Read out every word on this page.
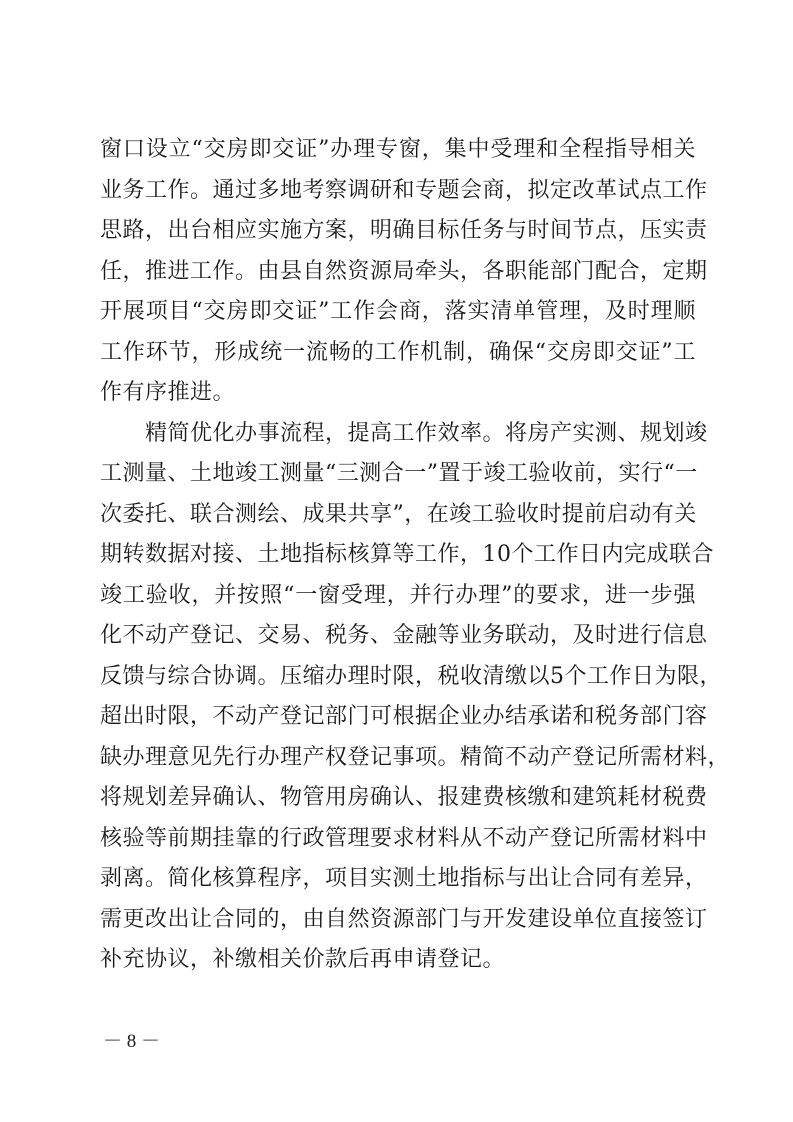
窗口设立“交房即交证”办理专窗，集中受理和全程指导相关
业务工作。通过多地考察调研和专题会商，拟定改革试点工作
思路，出台相应实施方案，明确目标任务与时间节点，压实责
任，推进工作。由县自然资源局牵头，各职能部门配合，定期
开展项目“交房即交证”工作会商，落实清单管理，及时理顺
工作环节，形成统一流畅的工作机制，确保“交房即交证”工
作有序推进。
　　精简优化办事流程，提高工作效率。将房产实测、规划竣
工测量、土地竣工测量“三测合一”置于竣工验收前，实行“一
次委托、联合测绘、成果共享”，在竣工验收时提前启动有关
期转数据对接、土地指标核算等工作，10个工作日内完成联合
竣工验收，并按照“一窗受理，并行办理”的要求，进一步强
化不动产登记、交易、税务、金融等业务联动，及时进行信息
反馈与综合协调。压缩办理时限，税收清缴以5个工作日为限，
超出时限，不动产登记部门可根据企业办结承诺和税务部门容
缺办理意见先行办理产权登记事项。精简不动产登记所需材料，
将规划差异确认、物管用房确认、报建费核缴和建筑耗材税费
核验等前期挂靠的行政管理要求材料从不动产登记所需材料中
剥离。简化核算程序，项目实测土地指标与出让合同有差异，
需更改出让合同的，由自然资源部门与开发建设单位直接签订
补充协议，补缴相关价款后再申请登记。
－ 8 －
